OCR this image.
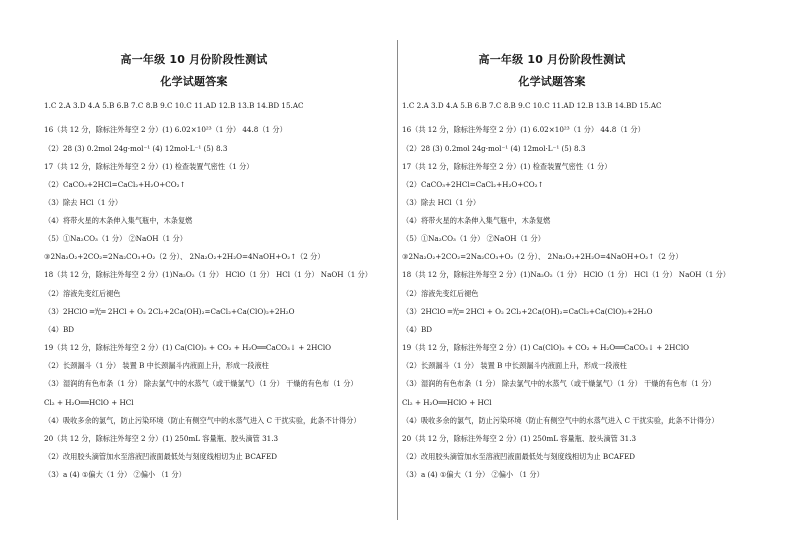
高一年级 10 月份阶段性测试
化学试题答案
1.C 2.A 3.D 4.A 5.B 6.B 7.C 8.B 9.C 10.C 11.AD 12.B 13.B 14.BD 15.AC
16（共 12 分，除标注外每空 2 分）(1) 6.02×10²³（1 分） 44.8（1 分）
（2）28 (3) 0.2mol 24g·mol⁻¹ (4) 12mol·L⁻¹ (5) 8.3
17（共 12 分，除标注外每空 2 分）(1) 检查装置气密性（1 分）
（2）CaCO₃+2HCl=CaCl₂+H₂O+CO₂↑
（3）除去 HCl（1 分）
（4）将带火星的木条伸入集气瓶中，木条复燃
（5）①Na₂CO₃（1 分） ②NaOH（1 分）
③2Na₂O₂+2CO₂=2Na₂CO₃+O₂（2 分）、 2Na₂O₂+2H₂O=4NaOH+O₂↑（2 分）
18（共 12 分，除标注外每空 2 分）(1)Na₂O₂（1 分） HClO（1 分） HCl（1 分） NaOH（1 分）
（2）溶液先变红后褪色
（3）2HClO ═光═ 2HCl + O₂ 2Cl₂+2Ca(OH)₂=CaCl₂+Ca(ClO)₂+2H₂O
（4）BD
19（共 12 分，除标注外每空 2 分）(1) Ca(ClO)₂ + CO₂ + H₂O══CaCO₃↓ + 2HClO
（2）长颈漏斗（1 分） 装置 B 中长颈漏斗内液面上升，形成一段液柱
（3）湿润的有色布条（1 分） 除去氯气中的水蒸气（或干燥氯气）（1 分） 干燥的有色布（1 分）
Cl₂ + H₂O══HClO + HCl
（4）吸收多余的氯气，防止污染环境（防止有侧空气中的水蒸气进入 C 干扰实验，此条不计得分）
20（共 12 分，除标注外每空 2 分）(1) 250mL 容量瓶、胶头滴管 31.3
（2）改用胶头滴管加水至溶液凹液面最低处与刻度线相切为止 BCAFED
（3）a (4) ①偏大（1 分） ②偏小 （1 分）
高一年级 10 月份阶段性测试
化学试题答案
1.C 2.A 3.D 4.A 5.B 6.B 7.C 8.B 9.C 10.C 11.AD 12.B 13.B 14.BD 15.AC
16（共 12 分，除标注外每空 2 分）(1) 6.02×10²³（1 分） 44.8（1 分）
（2）28 (3) 0.2mol 24g·mol⁻¹ (4) 12mol·L⁻¹ (5) 8.3
17（共 12 分，除标注外每空 2 分）(1) 检查装置气密性（1 分）
（2）CaCO₃+2HCl=CaCl₂+H₂O+CO₂↑
（3）除去 HCl（1 分）
（4）将带火星的木条伸入集气瓶中，木条复燃
（5）①Na₂CO₃（1 分） ②NaOH（1 分）
③2Na₂O₂+2CO₂=2Na₂CO₃+O₂（2 分）、 2Na₂O₂+2H₂O=4NaOH+O₂↑（2 分）
18（共 12 分，除标注外每空 2 分）(1)Na₂O₂（1 分） HClO（1 分） HCl（1 分） NaOH（1 分）
（2）溶液先变红后褪色
（3）2HClO ═光═ 2HCl + O₂ 2Cl₂+2Ca(OH)₂=CaCl₂+Ca(ClO)₂+2H₂O
（4）BD
19（共 12 分，除标注外每空 2 分）(1) Ca(ClO)₂ + CO₂ + H₂O══CaCO₃↓ + 2HClO
（2）长颈漏斗（1 分） 装置 B 中长颈漏斗内液面上升，形成一段液柱
（3）湿润的有色布条（1 分） 除去氯气中的水蒸气（或干燥氯气）（1 分） 干燥的有色布（1 分）
Cl₂ + H₂O══HClO + HCl
（4）吸收多余的氯气，防止污染环境（防止有侧空气中的水蒸气进入 C 干扰实验，此条不计得分）
20（共 12 分，除标注外每空 2 分）(1) 250mL 容量瓶、胶头滴管 31.3
（2）改用胶头滴管加水至溶液凹液面最低处与刻度线相切为止 BCAFED
（3）a (4) ①偏大（1 分） ②偏小 （1 分）
